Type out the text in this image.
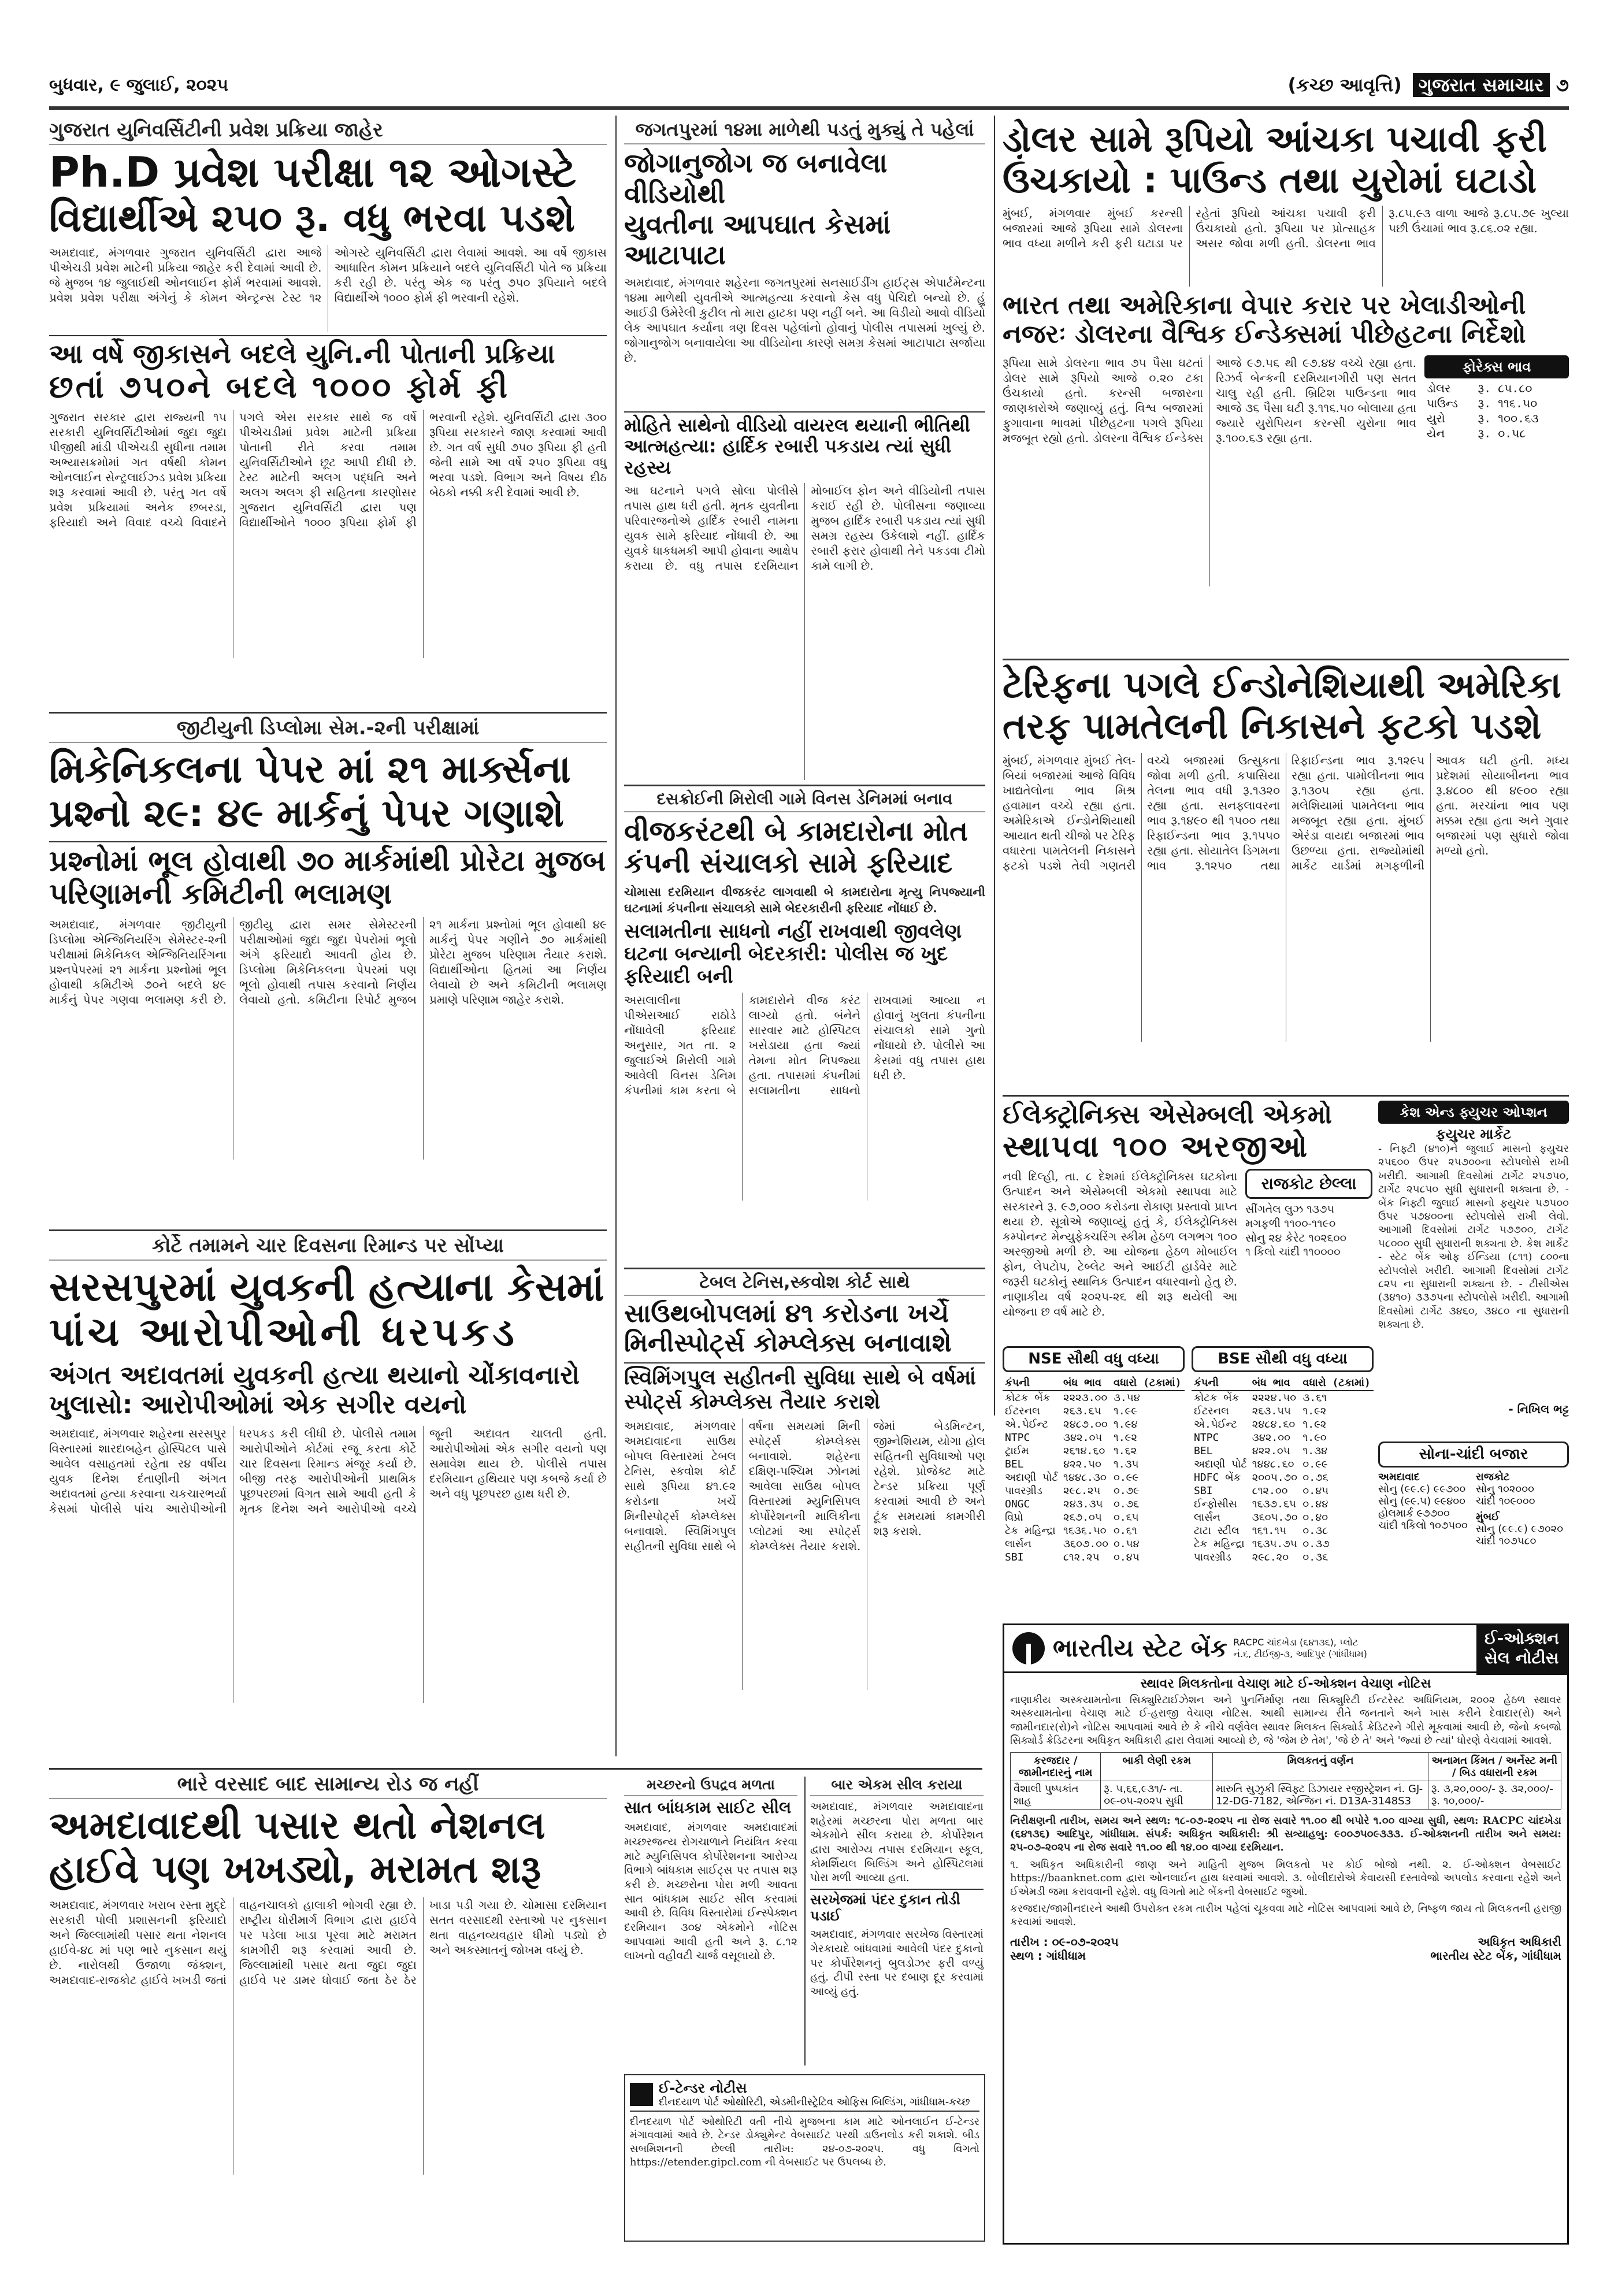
બુધવાર, ૯ જુલાઈ, ૨૦૨૫	(કચ્છ આવૃત્તિ) ગુજરાત સમાચાર ૭
ગુજરાત યુનિવર્સિટીની પ્રવેશ પ્રક્રિયા જાહેર
Ph.D પ્રવેશ પરીક્ષા ૧૨ ઓગસ્ટે
વિદ્યાર્થીએ ૨૫૦ રૂ. વધુ ભરવા પડશે
અમદાવાદ, મંગળવાર ગુજરાત યુનિવર્સિટી દ્વારા આજે પીએચડી પ્રવેશ માટેની પ્રક્રિયા જાહેર કરી દેવામાં આવી છે. જે મુજબ ૧૪ જુલાઈથી ઓનલાઈન ફોર્મ ભરવામાં આવશે. પ્રવેશ પ્રવેશ પરીક્ષા અંગેનું કે કોમન એન્ટ્રન્સ ટેસ્ટ ૧૨ ઓગસ્ટે યુનિવર્સિટી દ્વારા લેવામાં આવશે. આ વર્ષે જીકાસ આધારિત કોમન પ્રક્રિયાને બદલે યુનિવર્સિટી પોતે જ પ્રક્રિયા કરી રહી છે. પરંતુ એક જ પરંતુ ૭૫૦ રૂપિયાને બદલે વિદ્યાર્થીએ ૧૦૦૦ ફોર્મ ફી ભરવાની રહેશે.
આ વર્ષે જીકાસને બદલે યુનિ.ની પોતાની પ્રક્રિયા
છતાં ૭૫૦ને બદલે ૧૦૦૦ ફોર્મ ફી
ગુજરાત સરકાર દ્વારા રાજ્યની ૧૫ સરકારી યુનિવર્સિટીઓમાં જુદા જુદા પીજીથી માંડી પીએચડી સુધીના તમામ અભ્યાસક્રમોમાં ગત વર્ષથી કોમન ઓનલાઈન સેન્ટ્રલાઈઝ્ડ પ્રવેશ પ્રક્રિયા શરૂ કરવામાં આવી છે. પરંતુ ગત વર્ષે પ્રવેશ પ્રક્રિયામાં અનેક છબરડા, ફરિયાદો અને વિવાદ વચ્ચે વિવાદને પગલે એસ સરકાર સાથે જ વર્ષે પીએચડીમાં પ્રવેશ માટેની પ્રક્રિયા પોતાની રીતે કરવા તમામ યુનિવર્સિટીઓને છૂટ આપી દીધી છે. ટેસ્ટ માટેની અલગ પદ્ધતિ અને અલગ અલગ ફી સહિતના કારણોસર ગુજરાત યુનિવર્સિટી દ્વારા પણ વિદ્યાર્થીઓને ૧૦૦૦ રૂપિયા ફોર્મ ફી ભરવાની રહેશે. યુનિવર્સિટી દ્વારા ૩૦૦ રૂપિયા સરકારને જાણ કરવામાં આવી છે. ગત વર્ષ સુધી ૭૫૦ રૂપિયા ફી હતી જેની સામે આ વર્ષે ૨૫૦ રૂપિયા વધુ ભરવા પડશે. વિભાગ અને વિષય દીઠ બેઠકો નક્કી કરી દેવામાં આવી છે.
જીટીયુની ડિપ્લોમા સેમ.-૨ની પરીક્ષામાં
મિકેનિકલના પેપર માં ૨૧ માર્ક્સના
પ્રશ્નો ૨૯: ૪૯ માર્કનું પેપર ગણાશે
પ્રશ્નોમાં ભૂલ હોવાથી ૭૦ માર્કમાંથી પ્રોરેટા મુજબ પરિણામની કમિટીની ભલામણ
અમદાવાદ, મંગળવાર જીટીયુની ડિપ્લોમા એન્જિનિયરિંગ સેમેસ્ટર-૨ની પરીક્ષામાં મિકેનિકલ એન્જિનિયરિંગના પ્રશ્નપેપરમાં ૨૧ માર્કના પ્રશ્નોમાં ભૂલ હોવાથી કમિટીએ ૭૦ને બદલે ૪૯ માર્કનું પેપર ગણવા ભલામણ કરી છે. જીટીયુ દ્વારા સમર સેમેસ્ટરની પરીક્ષાઓમાં જુદા જુદા પેપરોમાં ભૂલો અંગે ફરિયાદો આવતી હોય છે. ડિપ્લોમા મિકેનિકલના પેપરમાં પણ ભૂલો હોવાથી તપાસ કરવાનો નિર્ણય લેવાયો હતો. કમિટીના રિપોર્ટ મુજબ ૨૧ માર્કના પ્રશ્નોમાં ભૂલ હોવાથી ૪૯ માર્કનું પેપર ગણીને ૭૦ માર્કમાંથી પ્રોરેટા મુજબ પરિણામ તૈયાર કરાશે. વિદ્યાર્થીઓના હિતમાં આ નિર્ણય લેવાયો છે અને કમિટીની ભલામણ પ્રમાણે પરિણામ જાહેર કરાશે.
કોર્ટે તમામને ચાર દિવસના રિમાન્ડ પર સોંપ્યા
સરસપુરમાં યુવકની હત્યાના કેસમાં
પાંચ આરોપીઓની ધરપકડ
અંગત અદાવતમાં યુવકની હત્યા થયાનો ચોંકાવનારો ખુલાસો: આરોપીઓમાં એક સગીર વયનો
અમદાવાદ, મંગળવાર શહેરના સરસપુર વિસ્તારમાં શારદાબહેન હોસ્પિટલ પાસે આવેલ વસાહતમાં રહેતા ર૪ વર્ષીય યુવક દિનેશ દંતાણીની અંગત અદાવતમાં હત્યા કરવાના ચકચારભર્યા કેસમાં પોલીસે પાંચ આરોપીઓની ધરપકડ કરી લીધી છે. પોલીસે તમામ આરોપીઓને કોર્ટમાં રજૂ કરતા કોર્ટે ચાર દિવસના રિમાન્ડ મંજૂર કર્યા છે. બીજી તરફ આરોપીઓની પ્રાથમિક પૂછપરછમાં વિગત સામે આવી હતી કે મૃતક દિનેશ અને આરોપીઓ વચ્ચે જૂની અદાવત ચાલતી હતી. આરોપીઓમાં એક સગીર વયનો પણ સમાવેશ થાય છે. પોલીસે તપાસ દરમિયાન હથિયાર પણ કબજે કર્યા છે અને વધુ પૂછપરછ હાથ ધરી છે.
ભારે વરસાદ બાદ સામાન્ય રોડ જ નહીં
અમદાવાદથી પસાર થતો નેશનલ
હાઈવે પણ ખખડ્યો, મરામત શરૂ
અમદાવાદ, મંગળવાર ખરાબ રસ્તા મુદ્દે સરકારી પોલી પ્રશાસનની ફરિયાદો અને જિલ્લામાંથી પસાર થતા નેશનલ હાઈવે-૪૮ માં પણ ભારે નુકસાન થયું છે. નારોલથી ઉજાળા જંક્શન, અમદાવાદ-રાજકોટ હાઈવે ખખડી જતાં વાહનચાલકો હાલાકી ભોગવી રહ્યા છે. રાષ્ટ્રીય ધોરીમાર્ગ વિભાગ દ્વારા હાઈવે પર પડેલા ખાડા પૂરવા માટે મરામત કામગીરી શરૂ કરવામાં આવી છે. જિલ્લામાંથી પસાર થતા જુદા જુદા હાઈવે પર ડામર ધોવાઈ જતા ઠેર ઠેર ખાડા પડી ગયા છે. ચોમાસા દરમિયાન સતત વરસાદથી રસ્તાઓ પર નુકસાન થતા વાહનવ્યવહાર ધીમો પડ્યો છે અને અકસ્માતનું જોખમ વધ્યું છે.
જગતપુરમાં ૧૪મા માળેથી પડતું મુક્યું તે પહેલાં
જોગાનુજોગ જ બનાવેલા વીડિયોથી
યુવતીના આપઘાત કેસમાં આટાપાટા
અમદાવાદ, મંગળવાર શહેરના જગતપુરમાં સનસાઈડીંગ હાઈટ્સ એપાર્ટમેન્ટના ૧૪મા માળેથી યુવતીએ આત્મહત્યા કરવાનો કેસ વધુ પેચિદો બન્યો છે. હું આઈડી ઉમેરેલી કુટીલ તો મારા હાટકા પણ નહીં બને. આ વિડીયો આવો વીડિયો લેક આપઘાત કર્યાના ત્રણ દિવસ પહેલાંનો હોવાનું પોલીસ તપાસમાં ખુલ્યું છે. જોગાનુજોગ બનાવાયેલા આ વીડિયોના કારણે સમગ્ર કેસમાં આટાપાટા સર્જાયા છે.
મોહિતે સાથેનો વીડિયો વાયરલ થયાની ભીતિથી આત્મહત્યા: હાર્દિક રબારી પકડાય ત્યાં સુધી રહસ્ય
આ ઘટનાને પગલે સોલા પોલીસે તપાસ હાથ ધરી હતી. મૃતક યુવતીના પરિવારજનોએ હાર્દિક રબારી નામના યુવક સામે ફરિયાદ નોંધાવી છે. આ યુવકે ધાકધમકી આપી હોવાના આક્ષેપ કરાયા છે. વધુ તપાસ દરમિયાન મોબાઈલ ફોન અને વીડિયોની તપાસ કરાઈ રહી છે. પોલીસના જણાવ્યા મુજબ હાર્દિક રબારી પકડાય ત્યાં સુધી સમગ્ર રહસ્ય ઉકેલાશે નહીં. હાર્દિક રબારી ફરાર હોવાથી તેને પકડવા ટીમો કામે લાગી છે.
દસક્રોઈની મિરોલી ગામે વિનસ ડેનિમમાં બનાવ
વીજકરંટથી બે કામદારોના મોત
કંપની સંચાલકો સામે ફરિયાદ
ચોમાસા દરમિયાન વીજકરંટ લાગવાથી બે કામદારોના મૃત્યુ નિપજ્યાની ઘટનામાં કંપનીના સંચાલકો સામે બેદરકારીની ફરિયાદ નોંધાઈ છે.
સલામતીના સાધનો નહીં રાખવાથી જીવલેણ ઘટના બન્યાની બેદરકારી: પોલીસ જ ખુદ ફરિયાદી બની
અસલાલીના પીએસઆઈ રાઠોડે નોંધાવેલી ફરિયાદ અનુસાર, ગત તા. ૨ જુલાઈએ મિરોલી ગામે આવેલી વિનસ ડેનિમ કંપનીમાં કામ કરતા બે કામદારોને વીજ કરંટ લાગ્યો હતો. બંનેને સારવાર માટે હોસ્પિટલ ખસેડાયા હતા જ્યાં તેમના મોત નિપજ્યા હતા. તપાસમાં કંપનીમાં સલામતીના સાધનો રાખવામાં આવ્યા ન હોવાનું ખુલતા કંપનીના સંચાલકો સામે ગુનો નોંધાયો છે. પોલીસે આ કેસમાં વધુ તપાસ હાથ ધરી છે.
ટેબલ ટેનિસ,સ્કવોશ કોર્ટ સાથે
સાઉથબોપલમાં ૪૧ કરોડના ખર્ચે
મિનીસ્પોર્ટ્સ કોમ્પ્લેક્સ બનાવાશે
સ્વિમિંગપુલ સહીતની સુવિધા સાથે બે વર્ષમાં સ્પોર્ટ્સ કોમ્પ્લેક્સ તૈયાર કરાશે
અમદાવાદ, મંગળવાર અમદાવાદના સાઉથ બોપલ વિસ્તારમાં ટેબલ ટેનિસ, સ્કવોશ કોર્ટ સાથે રૂપિયા ૪૧.૯૨ કરોડના ખર્ચે મિનીસ્પોર્ટ્સ કોમ્પ્લેક્સ બનાવાશે. સ્વિમિંગપુલ સહીતની સુવિધા સાથે બે વર્ષના સમયમાં મિની સ્પોર્ટ્સ કોમ્પ્લેક્સ બનાવાશે. શહેરના દક્ષિણ-પશ્ચિમ ઝોનમાં આવેલા સાઉથ બોપલ વિસ્તારમાં મ્યુનિસિપલ કોર્પોરેશનની માલિકીના પ્લોટમાં આ સ્પોર્ટ્સ કોમ્પ્લેક્સ તૈયાર કરાશે. જેમાં બેડમિન્ટન, જીમ્નેશિયમ, યોગા હોલ સહિતની સુવિધાઓ પણ રહેશે. પ્રોજેક્ટ માટે ટેન્ડર પ્રક્રિયા પૂર્ણ કરવામાં આવી છે અને ટૂંક સમયમાં કામગીરી શરૂ કરાશે.
મચ્છરનો ઉપદ્રવ મળતા
સાત બાંધકામ સાઈટ સીલ
અમદાવાદ, મંગળવાર અમદાવાદમાં મચ્છરજન્ય રોગચાળાને નિયંત્રિત કરવા માટે મ્યુનિસિપલ કોર્પોરેશનના આરોગ્ય વિભાગે બાંધકામ સાઈટ્સ પર તપાસ શરૂ કરી છે. મચ્છરોના પોરા મળી આવતા સાત બાંધકામ સાઈટ સીલ કરવામાં આવી છે. વિવિધ વિસ્તારોમાં ઈન્સ્પેક્શન દરમિયાન ૩૦૪ એકમોને નોટિસ આપવામાં આવી હતી અને રૂ. ૮.૧૨ લાખનો વહીવટી ચાર્જ વસૂલાયો છે.
બાર એકમ સીલ કરાયા
અમદાવાદ, મંગળવાર અમદાવાદના શહેરમાં મચ્છરના પોરા મળતા બાર એકમોને સીલ કરાયા છે. કોર્પોરેશન દ્વારા આરોગ્ય તપાસ દરમિયાન સ્કૂલ, કોમર્શિયલ બિલ્ડિંગ અને હોસ્પિટલમાં પોરા મળી આવ્યા હતા.
સરખેજમાં પંદર દુકાન તોડી પડાઈ
અમદાવાદ, મંગળવાર સરખેજ વિસ્તારમાં ગેરકાયદે બાંધવામાં આવેલી પંદર દુકાનો પર કોર્પોરેશનનું બુલડોઝર ફરી વળ્યું હતું. ટીપી રસ્તા પર દબાણ દૂર કરવામાં આવ્યું હતું.
ઈ-ટેન્ડર નોટીસ
દીનદયાળ પોર્ટ ઓથોરિટી, એડમીનીસ્ટ્રેટિવ ઓફિસ બિલ્ડિંગ, ગાંધીધામ-કચ્છ
દીનદયાળ પોર્ટ ઓથોરિટી વતી નીચે મુજબના કામ માટે ઓનલાઈન ઈ-ટેન્ડર મંગાવવામાં આવે છે. ટેન્ડર ડોક્યુમેન્ટ વેબસાઈટ પરથી ડાઉનલોડ કરી શકાશે. બીડ સબમિશનની છેલ્લી તારીખ: ૨૪-૦૭-૨૦૨૫. વધુ વિગતો https://etender.gipcl.com ની વેબસાઈટ પર ઉપલબ્ધ છે.
ડોલર સામે રૂપિયો આંચકા પચાવી ફરી
ઉંચકાયો : પાઉન્ડ તથા યુરોમાં ઘટાડો
મુંબઈ, મંગળવાર મુંબઈ કરન્સી બજારમાં આજે રૂપિયા સામે ડોલરના ભાવ વધ્યા મળીને કરી ફરી ઘટાડા પર રહેતાં રૂપિયો આંચકા પચાવી ફરી ઉંચકાયો હતો. રૂપિયા પર પ્રોત્સાહક અસર જોવા મળી હતી. ડોલરના ભાવ રૂ.૮૫.૯૩ વાળા આજે રૂ.૮૫.૭૯ ખુલ્યા પછી ઉંચામાં ભાવ રૂ.૮૬.૦૨ રહ્યા.
ભારત તથા અમેરિકાના વેપાર કરાર પર ખેલાડીઓની
નજરઃ ડોલરના વૈશ્વિક ઈન્ડેક્સમાં પીછેહટના નિર્દેશો
રૂપિયા સામે ડોલરના ભાવ ૭૫ પૈસા ઘટતાં ડોલર સામે રૂપિયો આજે ૦.૨૦ ટકા ઉંચકાયો હતો. કરન્સી બજારના જાણકારોએ જણાવ્યું હતું. વિશ્વ બજારમાં ફુગાવાના ભાવમાં પીછેહટના પગલે રૂપિયા મજબૂત રહ્યો હતો. ડોલરના વૈશ્વિક ઈન્ડેક્સ આજે ૯૭.૫૬ થી ૯૭.૪૪ વચ્ચે રહ્યા હતા. રિઝર્વ બેન્કની દરમિયાનગીરી પણ સતત ચાલુ રહી હતી. બ્રિટિશ પાઉન્ડના ભાવ આજે ૩૬ પૈસા ઘટી રૂ.૧૧૬.૫૦ બોલાયા હતા જ્યારે યુરોપિયન કરન્સી યુરોના ભાવ રૂ.૧૦૦.૬૩ રહ્યા હતા.
ફોરેક્સ ભાવ
ડોલર	રૂ. ૮૫.૮૦
પાઉન્ડ	રૂ. ૧૧૬.૫૦
યુરો	રૂ. ૧૦૦.૬૩
યેન	રૂ. ૦.૫૮
ટેરિફના પગલે ઈન્ડોનેશિયાથી અમેરિકા
તરફ પામતેલની નિકાસને ફટકો પડશે
મુંબઈ, મંગળવાર મુંબઈ તેલ-બિયાં બજારમાં આજે વિવિધ ખાદ્યતેલોના ભાવ મિશ્ર હવામાન વચ્ચે રહ્યા હતા. અમેરિકાએ ઈન્ડોનેશિયાથી આયાત થતી ચીજો પર ટેરિફ વધારતા પામતેલની નિકાસને ફટકો પડશે તેવી ગણતરી વચ્ચે બજારમાં ઉત્સુકતા જોવા મળી હતી. કપાસિયા તેલના ભાવ વધી રૂ.૧૩૨૦ રહ્યા હતા. સનફ્લાવરના ભાવ રૂ.૧૪૯૦ થી ૧૫૦૦ તથા રિફાઈન્ડના ભાવ રૂ.૧૫૫૦ રહ્યા હતા. સોયાતેલ ડિગમના ભાવ રૂ.૧૨૫૦ તથા રિફાઈન્ડના ભાવ રૂ.૧૨૯૫ રહ્યા હતા. પામોલીનના ભાવ રૂ.૧૩૦૫ રહ્યા હતા. મલેશિયામાં પામતેલના ભાવ મજબૂત રહ્યા હતા. મુંબઈ એરંડા વાયદા બજારમાં ભાવ ઉછળ્યા હતા. રાજ્યોમાંથી માર્કેટ યાર્ડમાં મગફળીની આવક ઘટી હતી. મધ્ય પ્રદેશમાં સોયાબીનના ભાવ રૂ.૪૮૦૦ થી ૪૯૦૦ રહ્યા હતા. મરચાંના ભાવ પણ મક્કમ રહ્યા હતા અને ગુવાર બજારમાં પણ સુધારો જોવા મળ્યો હતો.
ઈલેક્ટ્રોનિક્સ એસેમ્બલી એકમો
સ્થાપવા ૧૦૦ અરજીઓ
નવી દિલ્હી, તા. ૮ દેશમાં ઈલેક્ટ્રોનિક્સ ઘટકોના ઉત્પાદન અને એસેમ્બલી એકમો સ્થાપવા માટે સરકારને રૂ. ૯૭,૦૦૦ કરોડના રોકાણ પ્રસ્તાવો પ્રાપ્ત થયા છે. સૂત્રોએ જણાવ્યું હતું કે, ઈલેક્ટ્રોનિક્સ કમ્પોનન્ટ મેન્યુફેક્ચરિંગ સ્કીમ હેઠળ લગભગ ૧૦૦ અરજીઓ મળી છે. આ યોજના હેઠળ મોબાઈલ ફોન, લેપટોપ, ટેબ્લેટ અને આઈટી હાર્ડવેર માટે જરૂરી ઘટકોનું સ્થાનિક ઉત્પાદન વધારવાનો હેતુ છે. નાણાકીય વર્ષ ૨૦૨૫-૨૬ થી શરૂ થયેલી આ યોજના છ વર્ષ માટે છે.
રાજકોટ છેલ્લા
સીંગતેલ લુઝ ૧૩૭૫
મગફળી ૧૧૦૦-૧૧૯૦
સોનુ ૨૪ કેરેટ ૧૦૨૬૦૦
૧ કિલો ચાંદી ૧૧૦૦૦૦
કેશ એન્ડ ફ્યુચર ઓપ્શન
ફયુચર માર્કેટ
- નિફ્ટી (૪૧૦)ને જુલાઈ માસનો ફયુચર ૨૫૬૦૦ ઉપર ૨૫૭૦૦ના સ્ટોપલોસે રાખી ખરીદી. આગામી દિવસોમાં ટાર્ગેટ ૨૫૭૫૦, ટાર્ગેટ ૨૫૮૫૦ સુધી સુધારાની શક્યતા છે. - બેંક નિફ્ટી જુલાઈ માસનો ફયુચર ૫૭૫૦૦ ઉપર ૫૭૪૦૦ના સ્ટોપલોસે રાખી લેવો. આગામી દિવસોમાં ટાર્ગેટ ૫૭૭૦૦, ટાર્ગેટ ૫૮૦૦૦ સુધી સુધારાની શક્યતા છે. કેશ માર્કેટ - સ્ટેટ બેંક ઓફ ઈન્ડિયા (૮૧૧) ૮૦૦ના સ્ટોપલોસે ખરીદી. આગામી દિવસોમાં ટાર્ગેટ ૮૨૫ ના સુધારાની શક્યતા છે. - ટીસીએસ (૩૪૧૦) ૩૩૭૫ના સ્ટોપલોસે ખરીદી. આગામી દિવસોમાં ટાર્ગેટ ૩૪૬૦, ૩૪૮૦ ના સુધારાની શક્યતા છે.
- નિખિલ ભટ્ટ
NSE સૌથી વધુ વધ્યા
કંપની	બંધ ભાવ	વધારો (ટકામાં)
કોટક બેંક	૨૨૨૩.૦૦	૩.૫૪
ઈટરનલ	૨૬૩.૬૫	૧.૯૯
એ.પેઈન્ટ	૨૪૮૭.૦૦	૧.૯૪
NTPC	૩૪૨.૦૫	૧.૯૨
ટ્રાઈમ	૨૬૧૪.૬૦	૧.૬૨
BEL	૪૨૨.૫૦	૧.૩૫
અદાણી પોર્ટ	૧૪૪૮.૩૦	૦.૯૯
પાવરગ્રીડ	૨૯૮.૨૫	૦.૭૯
ONGC	૨૪૩.૩૫	૦.૭૬
વિપ્રો	૨૬૭.૦૫	૦.૬૫
ટેક મહિન્દ્રા	૧૬૩૬.૫૦	૦.૬૧
લાર્સન	૩૬૦૭.૦૦	૦.૫૪
SBI	૮૧૨.૨૫	૦.૪૫
BSE સૌથી વધુ વધ્યા
કંપની	બંધ ભાવ	વધારો (ટકામાં)
કોટક બેંક	૨૨૨૪.૫૦	૩.૬૧
ઈટરનલ	૨૬૩.૫૫	૧.૯૨
એ.પેઈન્ટ	૨૪૮૪.૬૦	૧.૯૨
NTPC	૩૪૨.૦૦	૧.૯૦
BEL	૪૨૨.૦૫	૧.૩૪
અદાણી પોર્ટ	૧૪૪૮.૬૦	૦.૯૯
HDFC બેંક	૨૦૦૫.૭૦	૦.૭૬
SBI	૮૧૨.૦૦	૦.૪૫
ઈન્ફોસીસ	૧૬૩૭.૬૫	૦.૪૪
લાર્સન	૩૬૦૫.૭૦	૦.૪૦
ટાટા સ્ટીલ	૧૬૧.૧૫	૦.૩૮
ટેક મહિન્દ્રા	૧૬૩૫.૭૫	૦.૩૭
પાવરગ્રીડ	૨૯૮.૨૦	૦.૩૬
સોના-ચાંદી બજાર
અમદાવાદ
સોનુ (૯૯.૯) ૯૯૭૦૦
સોનુ (૯૯.૫) ૯૯૪૦૦
હોલમાર્ક ૯૭૭૦૦
ચાંદી ૧કિલો ૧૦૭૫૦૦
રાજકોટ
સોનુ ૧૦૨૦૦૦
ચાંદી ૧૦૯૦૦૦
મુંબઈ
સોનુ (૯૯.૯) ૯૭૦૨૦
ચાંદી ૧૦૭૫૮૦
ભારતીય સ્ટેટ બેંક RACPC ચાંદખેડા (૬૪૧૩૬), પ્લોટ નં.૬, ટીઈજી-૩, આદિપુર (ગાંધીધામ)
ઈ-ઓક્શન
સેલ નોટીસ
સ્થાવર મિલકતોના વેચાણ માટે ઈ-ઓક્શન વેચાણ નોટિસ
નાણાકીય અસ્કયામતોના સિક્યુરિટાઈઝેશન અને પુનર્નિર્માણ તથા સિક્યુરિટી ઈન્ટરેસ્ટ અધિનિયમ, ૨૦૦૨ હેઠળ સ્થાવર અસ્કયામતોના વેચાણ માટે ઈ-હરાજી વેચાણ નોટિસ. આથી સામાન્ય રીતે જનતાને અને ખાસ કરીને દેવાદાર(રો) અને જામીનદાર(રો)ને નોટિસ આપવામાં આવે છે કે નીચે વર્ણવેલ સ્થાવર મિલકત સિક્યોર્ડ ક્રેડિટરને ગીરો મૂકવામાં આવી છે, જેનો કબજો સિક્યોર્ડ ક્રેડિટરના અધિકૃત અધિકારી દ્વારા લેવામાં આવ્યો છે, જે 'જેમ છે તેમ', 'જે છે તે' અને 'જ્યાં છે ત્યાં' ધોરણે વેચવામાં આવશે.
કરજદાર / જામીનદારનું નામ	બાકી લેણી રકમ	મિલકતનું વર્ણન	અનામત કિંમત / અર્નેસ્ટ મની / બિડ વધારાની રકમ
વૈશાલી પુષ્પકાંત શાહ	રૂ. ૫,૬૬,૯૩૧/- તા. ૦૯-૦૫-૨૦૨૫ સુધી	મારુતિ સુઝુકી સ્વિફ્ટ ડિઝાયર રજીસ્ટ્રેશન નં. GJ-12-DG-7182, એન્જિન નં. D13A-3148S3	રૂ. ૩,૨૦,૦૦૦/- રૂ. ૩૨,૦૦૦/- રૂ. ૧૦,૦૦૦/-
નિરીક્ષણની તારીખ, સમય અને સ્થળ: ૧૮-૦૭-૨૦૨૫ ના રોજ સવારે ૧૧.૦૦ થી બપોરે ૧.૦૦ વાગ્યા સુધી, સ્થળ: RACPC ચાંદખેડા (૬૪૧૩૬) આદિપુર, ગાંધીધામ. સંપર્ક: અધિકૃત અધિકારી: શ્રી સત્ર્યાહબુ: ૯૦૦૭૫૦૯૩૩૩. ઈ-ઓક્શનની તારીખ અને સમય: ૨૫-૦૭-૨૦૨૫ ના રોજ સવારે ૧૧.૦૦ થી ૧૪.૦૦ વાગ્યા દરમિયાન.
૧. અધિકૃત અધિકારીની જાણ અને માહિતી મુજબ મિલકતો પર કોઈ બોજો નથી. ૨. ઈ-ઓક્શન વેબસાઈટ https://baanknet.com દ્વારા ઓનલાઈન હાથ ધરવામાં આવશે. ૩. બોલીદારોએ કેવાયસી દસ્તાવેજો અપલોડ કરવાના રહેશે અને ઈએમડી જમા કરાવવાની રહેશે. વધુ વિગતો માટે બેંકની વેબસાઈટ જુઓ.
કરજદાર/જામીનદારને આથી ઉપરોક્ત રકમ તારીખ પહેલાં ચૂકવવા માટે નોટિસ આપવામાં આવે છે, નિષ્ફળ જાય તો મિલકતની હરાજી કરવામાં આવશે.
તારીખ : ૦૯-૦૭-૨૦૨૫
સ્થળ : ગાંધીધામ
અધિકૃત અધિકારી
ભારતીય સ્ટેટ બેંક, ગાંધીધામ
